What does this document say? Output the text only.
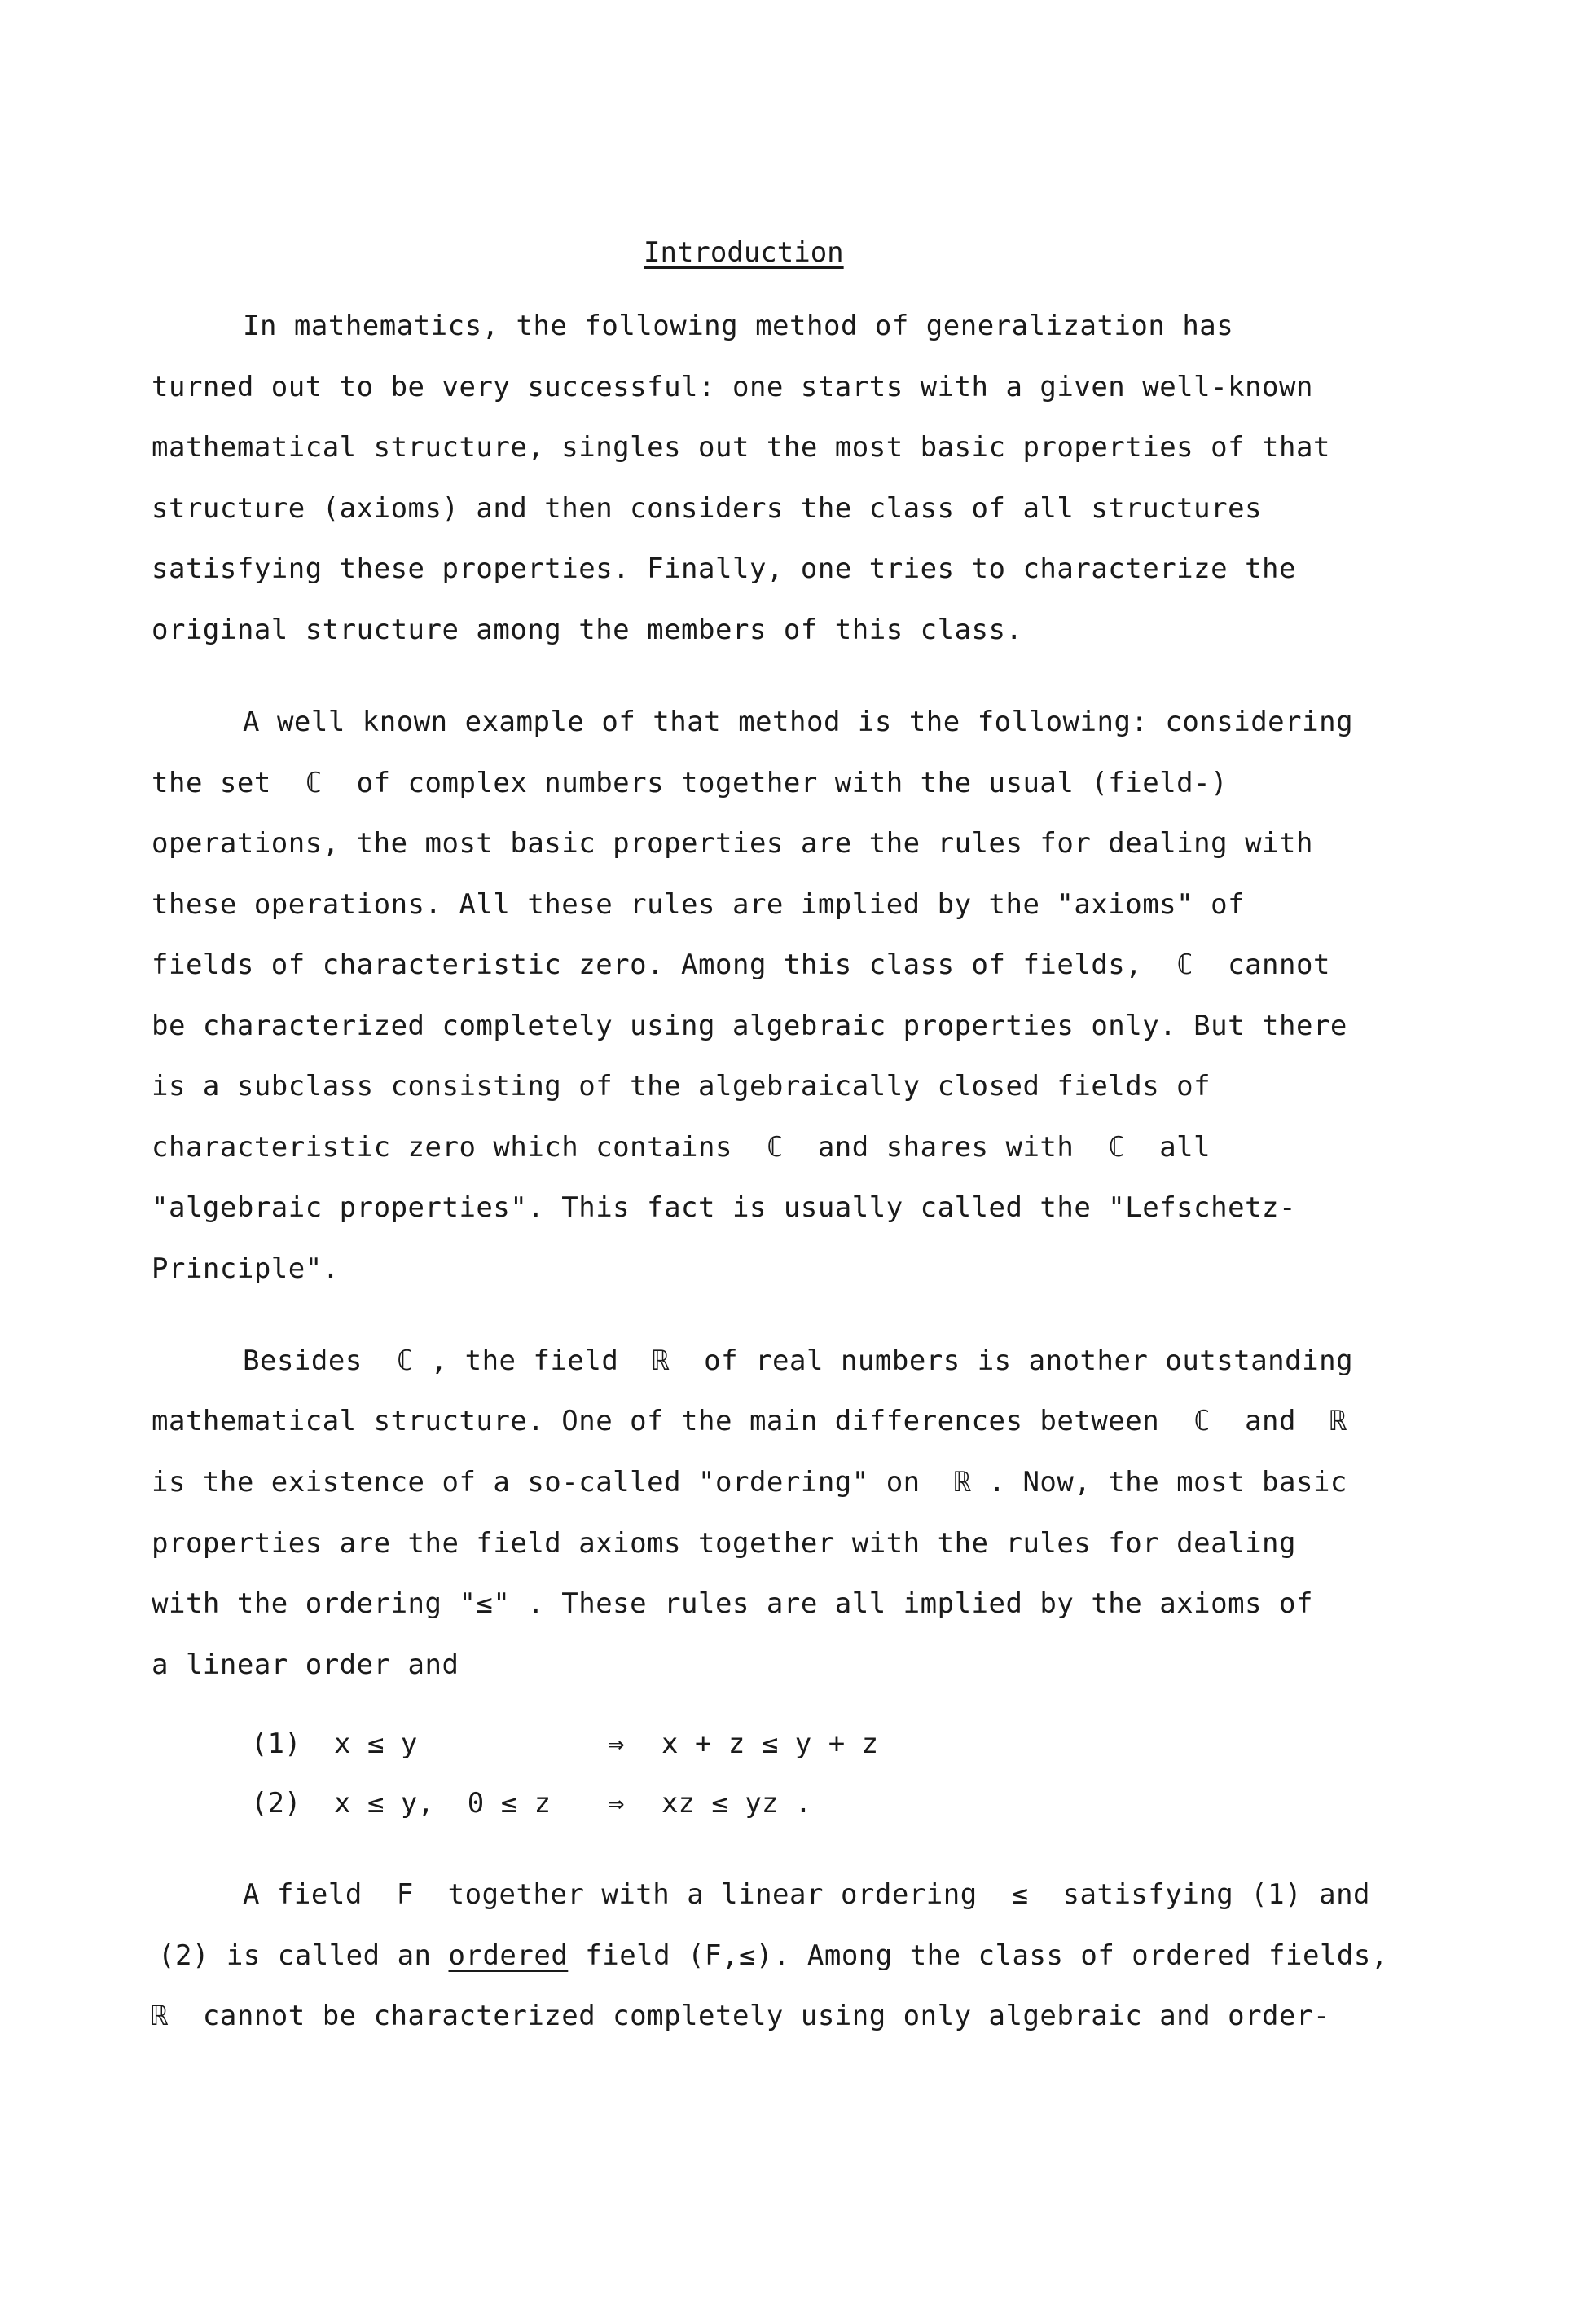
Introduction
In mathematics, the following method of generalization has
turned out to be very successful: one starts with a given well-known
mathematical structure, singles out the most basic properties of that
structure (axioms) and then considers the class of all structures
satisfying these properties. Finally, one tries to characterize the
original structure among the members of this class.
A well known example of that method is the following: considering
the set  ℂ  of complex numbers together with the usual (field-)
operations, the most basic properties are the rules for dealing with
these operations. All these rules are implied by the "axioms" of
fields of characteristic zero. Among this class of fields,  ℂ  cannot
be characterized completely using algebraic properties only. But there
is a subclass consisting of the algebraically closed fields of
characteristic zero which contains  ℂ  and shares with  ℂ  all
"algebraic properties". This fact is usually called the "Lefschetz-
Principle".
Besides  ℂ , the field  ℝ  of real numbers is another outstanding
mathematical structure. One of the main differences between  ℂ  and  ℝ
is the existence of a so-called "ordering" on  ℝ . Now, the most basic
properties are the field axioms together with the rules for dealing
with the ordering "≤" . These rules are all implied by the axioms of
a linear order and
(1) x ≤ y	⇒ x + z ≤ y + z
(2) x ≤ y,  0 ≤ z ⇒ xz ≤ yz .
A field  F  together with a linear ordering  ≤  satisfying (1) and
(2) is called an ordered field (F,≤). Among the class of ordered fields,
ℝ  cannot be characterized completely using only algebraic and order-
